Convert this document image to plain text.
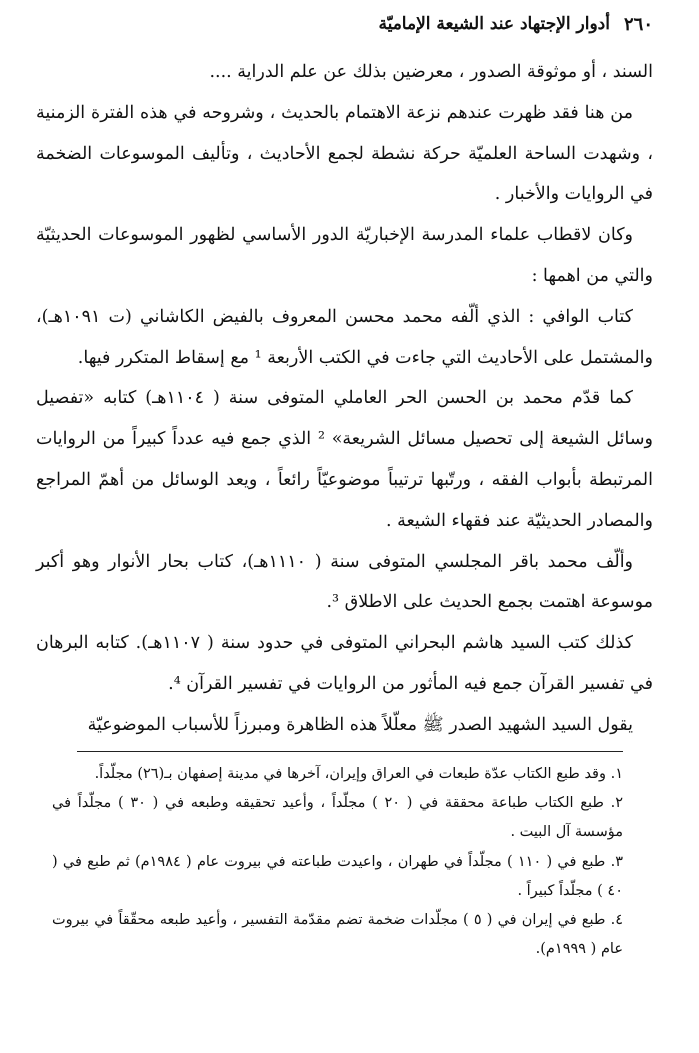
٢٦٠
أدوار الإجتهاد عند الشيعة الإماميّة

السند ، أو موثوقة الصدور ، معرضين بذلك عن علم الدراية ....

من هنا فقد ظهرت عندهم نزعة الاهتمام بالحديث ، وشروحه في هذه الفترة الزمنية ، وشهدت الساحة العلميّة حركة نشطة لجمع الأحاديث ، وتأليف الموسوعات الضخمة في الروايات والأخبار .

وكان لاقطاب علماء المدرسة الإخباريّة الدور الأساسي لظهور الموسوعات الحديثيّة والتي من اهمها :

كتاب الوافي : الذي ألّفه محمد محسن المعروف بالفيض الكاشاني (ت ١٠٩١هـ)، والمشتمل على الأحاديث التي جاءت في الكتب الأربعة ¹ مع إسقاط المتكرر فيها.

كما قدّم محمد بن الحسن الحر العاملي المتوفى سنة ( ١١٠٤هـ) كتابه «تفصيل وسائل الشيعة إلى تحصيل مسائل الشريعة» ² الذي جمع فيه عدداً كبيراً من الروايات المرتبطة بأبواب الفقه ، ورتّبها ترتيباً موضوعيّاً رائعاً ، ويعد الوسائل من أهمّ المراجع والمصادر الحديثيّة عند فقهاء الشيعة .

وألّف محمد باقر المجلسي المتوفى سنة ( ١١١٠هـ)، كتاب بحار الأنوار وهو أكبر موسوعة اهتمت بجمع الحديث على الاطلاق ³.

كذلك كتب السيد هاشم البحراني المتوفى في حدود سنة ( ١١٠٧هـ). كتابه البرهان في تفسير القرآن جمع فيه المأثور من الروايات في تفسير القرآن ⁴.

يقول السيد الشهيد الصدر ﷺ معلّلاً هذه الظاهرة ومبرزاً للأسباب الموضوعيّة

١. وقد طبع الكتاب عدّة طبعات في العراق وإيران، آخرها في مدينة إصفهان بـ(٢٦) مجلّداً.

٢. طبع الكتاب طباعة محققة في ( ٢٠ ) مجلّداً ، وأعيد تحقيقه وطبعه في ( ٣٠ ) مجلّداً في مؤسسة آل البيت .

٣. طبع في ( ١١٠ ) مجلّداً في طهران ، واعيدت طباعته في بيروت عام ( ١٩٨٤م) ثم طبع في ( ٤٠ ) مجلّداً كبيراً .

٤. طبع في إيران في ( ٥ ) مجلّدات ضخمة تضم مقدّمة التفسير ، وأعيد طبعه محقّقاً في بيروت عام ( ١٩٩٩م).
